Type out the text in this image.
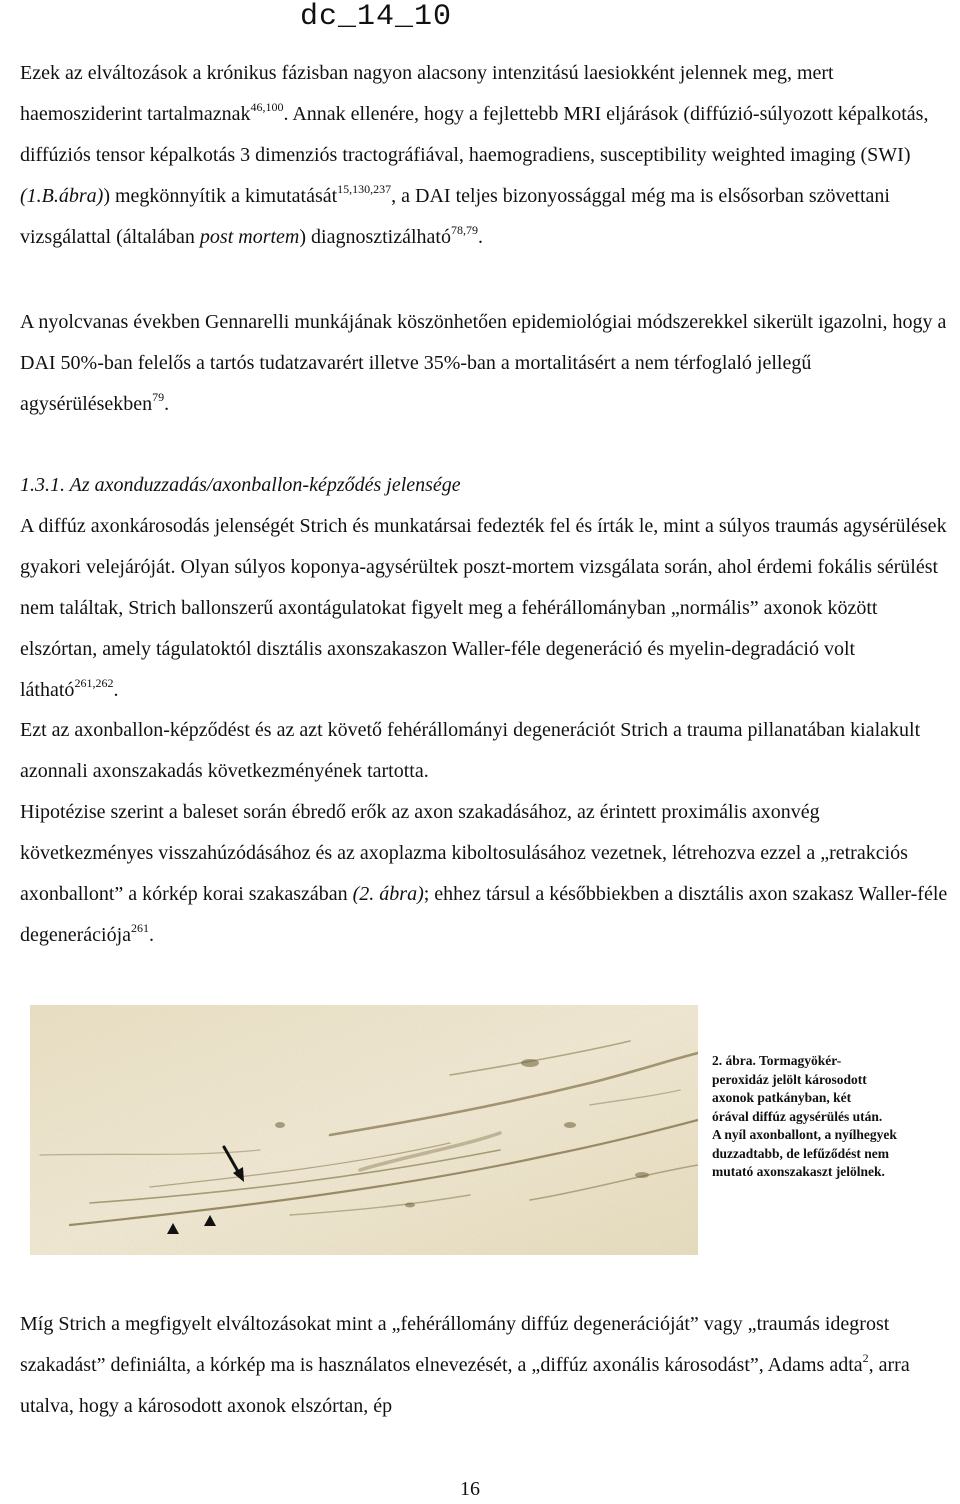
dc_14_10

Ezek az elváltozások a krónikus fázisban nagyon alacsony intenzitású laesiokként jelennek meg, mert haemosziderint tartalmaznak$^{46,100}$. Annak ellenére, hogy a fejlettebb MRI eljárások (diffúzió-súlyozott képalkotás, diffúziós tensor képalkotás 3 dimenziós tractográfiával, haemogradiens, susceptibility weighted imaging (SWI) (1.B.ábra)) megkönnyítik a kimutatását$^{15,130,237}$, a DAI teljes bizonyossággal még ma is elsősorban szövettani vizsgálattal (általában post mortem) diagnosztizálható$^{78,79}$.

A nyolcvanas években Gennarelli munkájának köszönhetően epidemiológiai módszerekkel sikerült igazolni, hogy a DAI 50%-ban felelős a tartós tudatzavarért illetve 35%-ban a mortalitásért a nem térfoglaló jellegű agysérülésekben$^{79}$.

1.3.1. Az axonduzzadás/axonballon-képződés jelensége

A diffúz axonkárosodás jelenségét Strich és munkatársai fedezték fel és írták le, mint a súlyos traumás agysérülések gyakori velejáróját. Olyan súlyos koponya-agysérültek poszt-mortem vizsgálata során, ahol érdemi fokális sérülést nem találtak, Strich ballonszerű axontágulatokat figyelt meg a fehérállományban „normális” axonok között elszórtan, amely tágulatoktól disztális axonszakaszon Waller-féle degeneráció és myelin-degradáció volt látható$^{261,262}$.

Ezt az axonballon-képződést és az azt követő fehérállományi degenerációt Strich a trauma pillanatában kialakult azonnali axonszakadás következményének tartotta.

Hipotézise szerint a baleset során ébredő erők az axon szakadásához, az érintett proximális axonvég következményes visszahúzódásához és az axoplazma kiboltosulásához vezetnek, létrehozva ezzel a „retrakciós axonballont” a kórkép korai szakaszában (2. ábra); ehhez társul a későbbiekben a disztális axon szakasz Waller-féle degenerációja$^{261}$.

2. ábra. Tormagyökér-
peroxidáz jelölt károsodott
axonok patkányban, két
órával diffúz agysérülés után.
A nyíl axonballont, a nyílhegyek
duzzadtabb, de lefűződést nem
mutató axonszakaszt jelölnek.

Míg Strich a megfigyelt elváltozásokat mint a „fehérállomány diffúz degenerációját” vagy „traumás idegrost szakadást” definiálta, a kórkép ma is használatos elnevezését, a „diffúz axonális károsodást”, Adams adta$^2$, arra utalva, hogy a károsodott axonok elszórtan, ép

16
